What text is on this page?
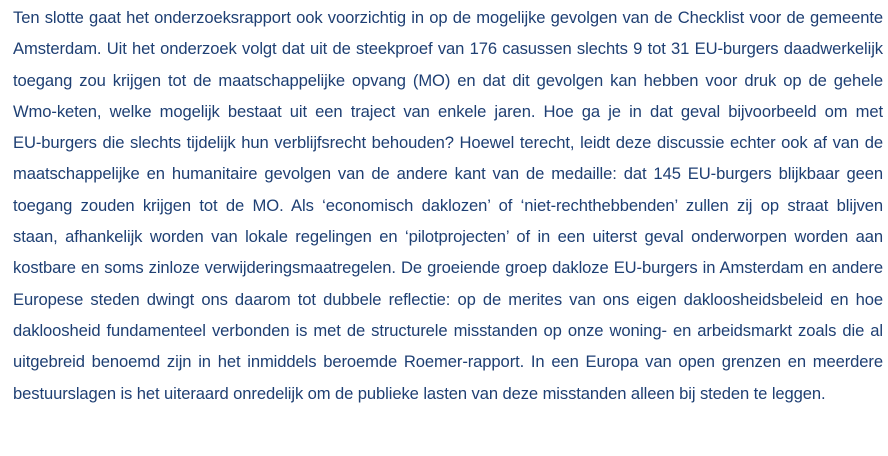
Ten slotte gaat het onderzoeksrapport ook voorzichtig in op de mogelijke gevolgen van de Checklist voor de gemeente
Amsterdam. Uit het onderzoek volgt dat uit de steekproef van 176 casussen slechts 9 tot 31 EU-burgers daadwerkelijk
toegang zou krijgen tot de maatschappelijke opvang (MO) en dat dit gevolgen kan hebben voor druk op de gehele
Wmo-keten, welke mogelijk bestaat uit een traject van enkele jaren. Hoe ga je in dat geval bijvoorbeeld om met
EU-burgers die slechts tijdelijk hun verblijfsrecht behouden? Hoewel terecht, leidt deze discussie echter ook af van de
maatschappelijke en humanitaire gevolgen van de andere kant van de medaille: dat 145 EU-burgers blijkbaar geen
toegang zouden krijgen tot de MO. Als ‘economisch daklozen’ of ‘niet-rechthebbenden’ zullen zij op straat blijven
staan, afhankelijk worden van lokale regelingen en ‘pilotprojecten’ of in een uiterst geval onderworpen worden aan
kostbare en soms zinloze verwijderingsmaatregelen. De groeiende groep dakloze EU-burgers in Amsterdam en andere
Europese steden dwingt ons daarom tot dubbele reflectie: op de merites van ons eigen dakloosheidsbeleid en hoe
dakloosheid fundamenteel verbonden is met de structurele misstanden op onze woning- en arbeidsmarkt zoals die al
uitgebreid benoemd zijn in het inmiddels beroemde Roemer-rapport. In een Europa van open grenzen en meerdere
bestuurslagen is het uiteraard onredelijk om de publieke lasten van deze misstanden alleen bij steden te leggen.
